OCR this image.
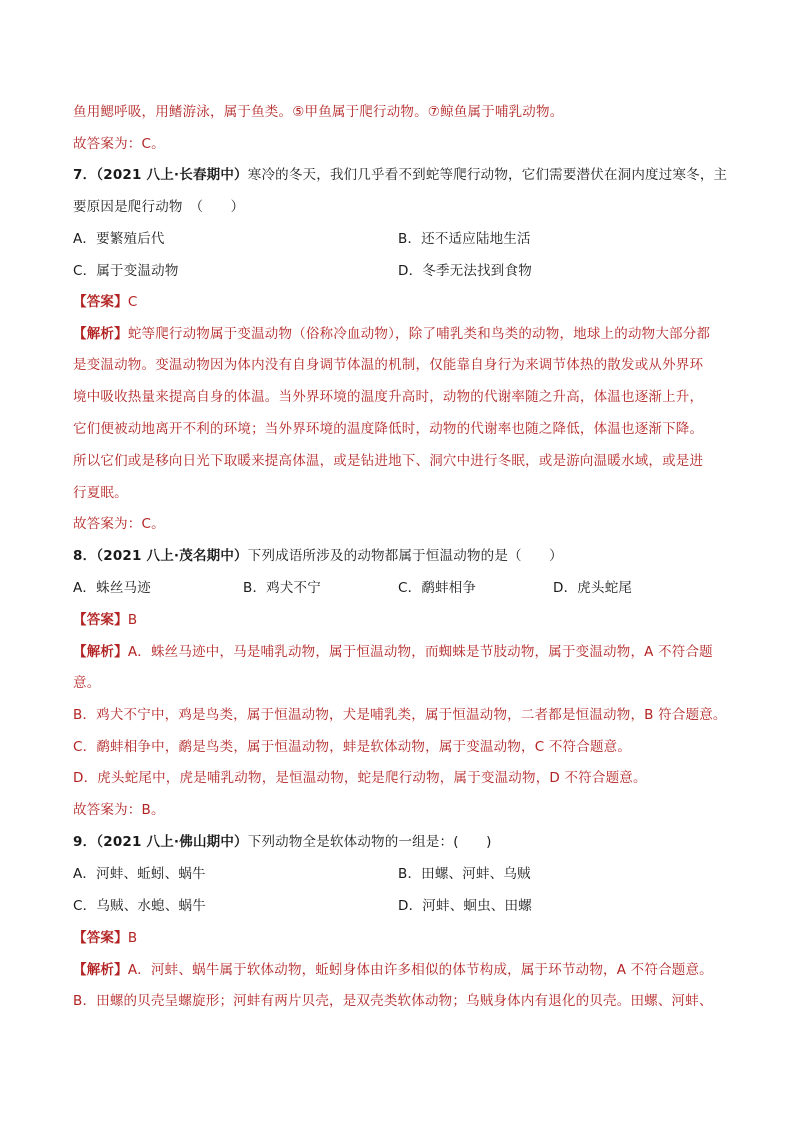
鱼用鳃呼吸，用鳍游泳，属于鱼类。⑤甲鱼属于爬行动物。⑦鲸鱼属于哺乳动物。
故答案为：C。
7．（2021 八上·长春期中）寒冷的冬天，我们几乎看不到蛇等爬行动物，它们需要潜伏在洞内度过寒冬，主
要原因是爬行动物　（　　）
A．要繁殖后代	B．还不适应陆地生活
C．属于变温动物	D．冬季无法找到食物
【答案】C
【解析】蛇等爬行动物属于变温动物（俗称冷血动物），除了哺乳类和鸟类的动物，地球上的动物大部分都
是变温动物。变温动物因为体内没有自身调节体温的机制，仅能靠自身行为来调节体热的散发或从外界环
境中吸收热量来提高自身的体温。当外界环境的温度升高时，动物的代谢率随之升高，体温也逐渐上升，
它们便被动地离开不利的环境；当外界环境的温度降低时，动物的代谢率也随之降低，体温也逐渐下降。
所以它们或是移向日光下取暖来提高体温，或是钻进地下、洞穴中进行冬眠，或是游向温暖水域，或是进
行夏眠。
故答案为：C。
8．（2021 八上·茂名期中）下列成语所涉及的动物都属于恒温动物的是（　　）
A．蛛丝马迹	B．鸡犬不宁	C．鹬蚌相争	D．虎头蛇尾
【答案】B
【解析】A．蛛丝马迹中，马是哺乳动物，属于恒温动物，而蜘蛛是节肢动物，属于变温动物，A 不符合题
意。
B．鸡犬不宁中，鸡是鸟类，属于恒温动物，犬是哺乳类，属于恒温动物，二者都是恒温动物，B 符合题意。
C．鹬蚌相争中，鹬是鸟类，属于恒温动物，蚌是软体动物，属于变温动物，C 不符合题意。
D．虎头蛇尾中，虎是哺乳动物，是恒温动物，蛇是爬行动物，属于变温动物，D 不符合题意。
故答案为：B。
9．（2021 八上·佛山期中）下列动物全是软体动物的一组是：(　　)
A．河蚌、蚯蚓、蜗牛	B．田螺、河蚌、乌贼
C．乌贼、水螅、蜗牛	D．河蚌、蛔虫、田螺
【答案】B
【解析】A．河蚌、蜗牛属于软体动物，蚯蚓身体由许多相似的体节构成，属于环节动物，A 不符合题意。
B．田螺的贝壳呈螺旋形；河蚌有两片贝壳，是双壳类软体动物；乌贼身体内有退化的贝壳。田螺、河蚌、
